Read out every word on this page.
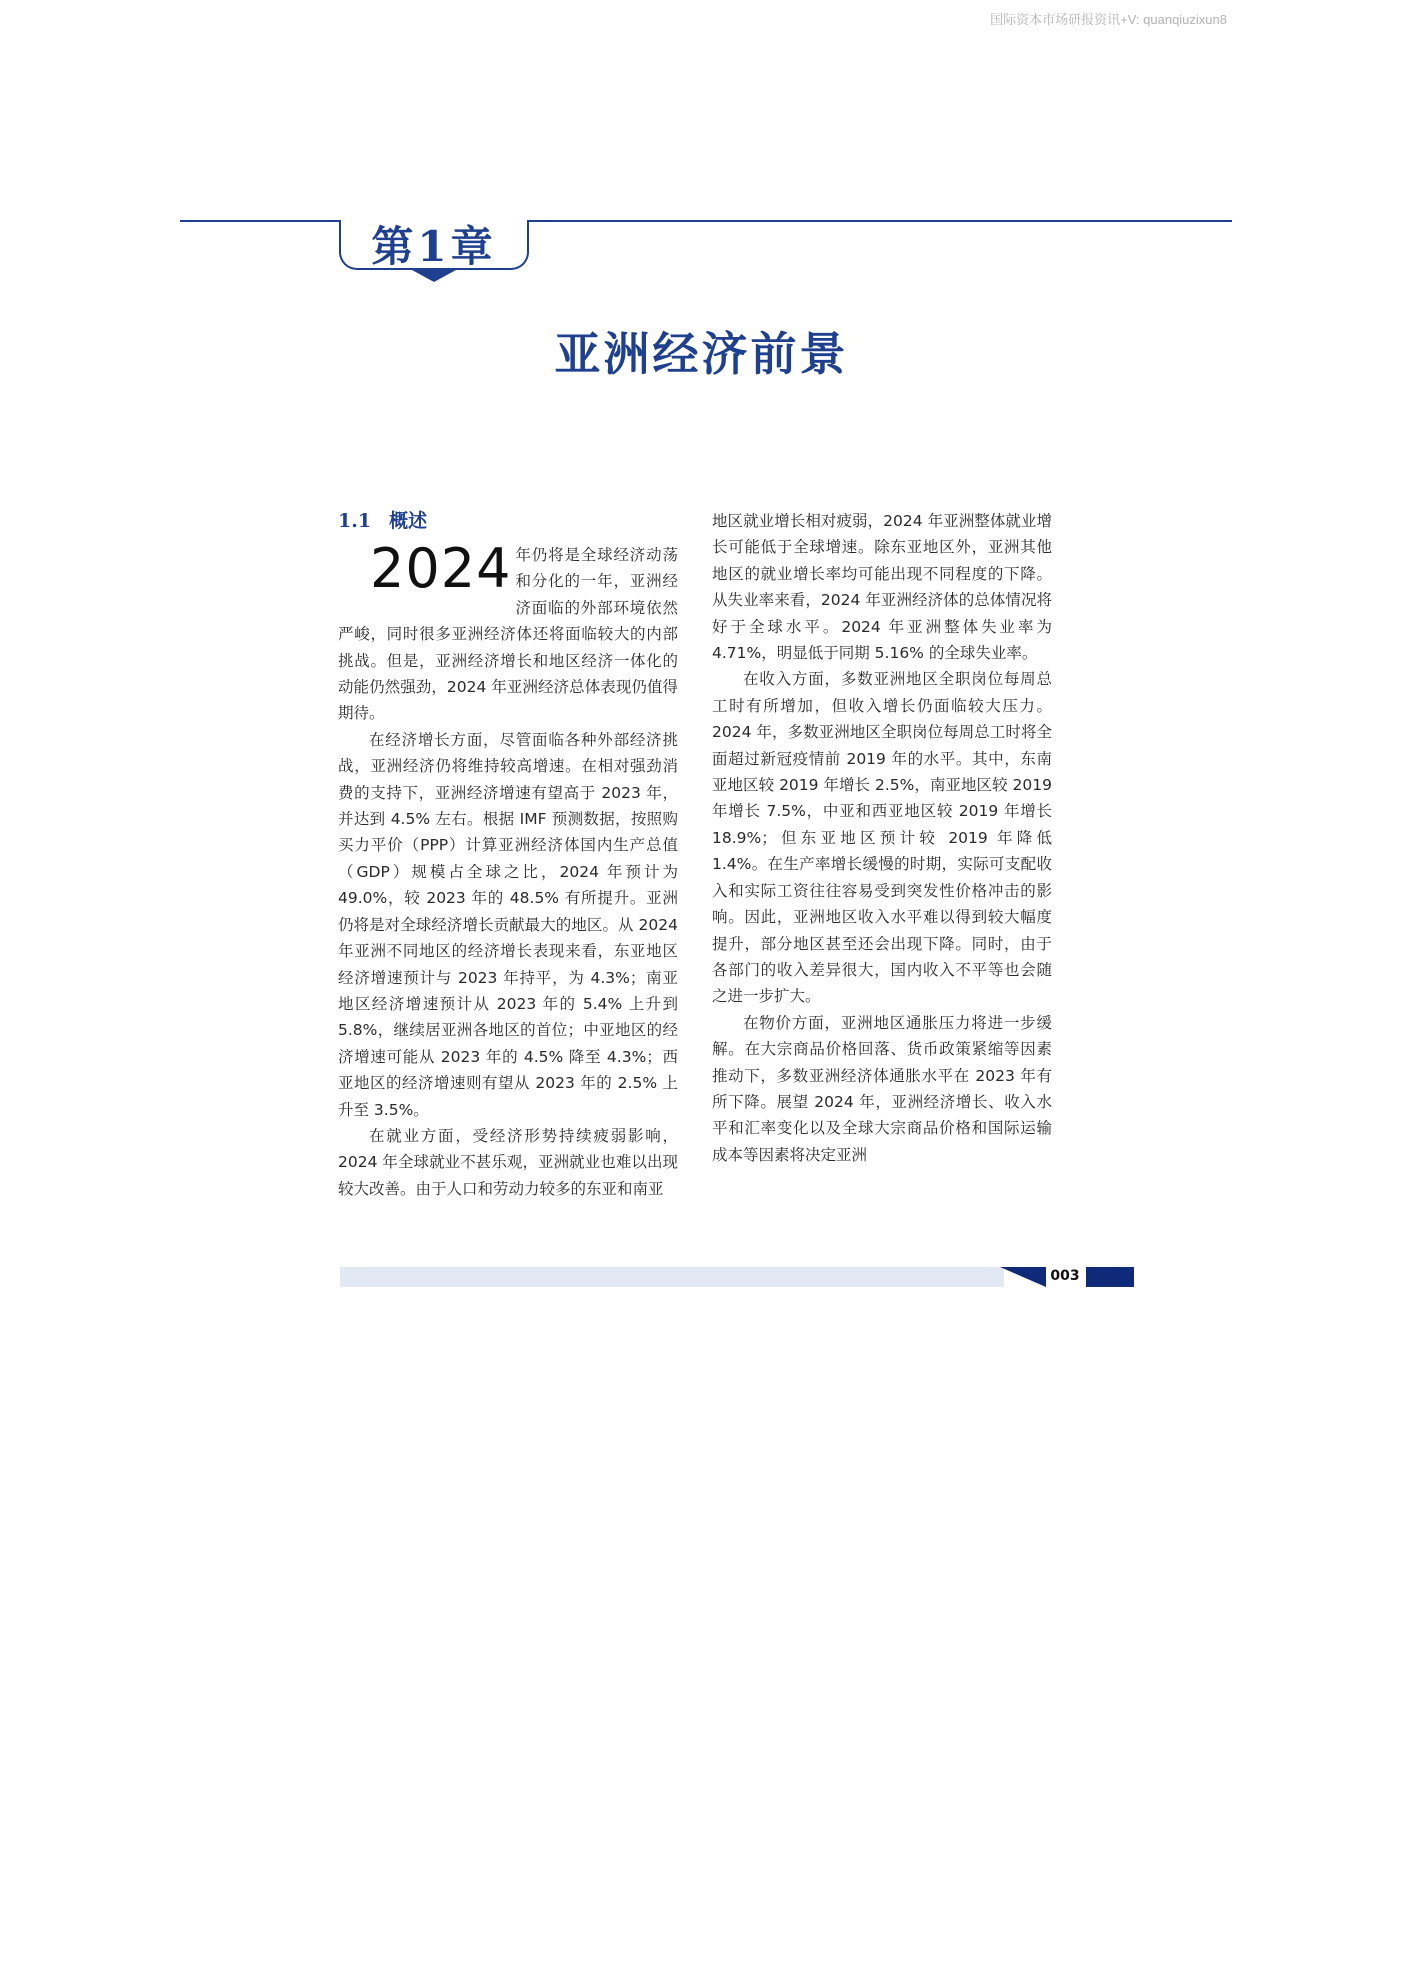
国际资本市场研报资讯+V: quanqiuzixun8
第1章
亚洲经济前景
1.1 概述

2024 年仍将是全球经济动荡和分化的一年，亚洲经济面临的外部环境依然严峻，同时很多亚洲经济体还将面临较大的内部挑战。但是，亚洲经济增长和地区经济一体化的动能仍然强劲，2024 年亚洲经济总体表现仍值得期待。

在经济增长方面，尽管面临各种外部经济挑战，亚洲经济仍将维持较高增速。在相对强劲消费的支持下，亚洲经济增速有望高于 2023 年，并达到 4.5% 左右。根据 IMF 预测数据，按照购买力平价（PPP）计算亚洲经济体国内生产总值（GDP）规模占全球之比，2024 年预计为 49.0%，较 2023 年的 48.5% 有所提升。亚洲仍将是对全球经济增长贡献最大的地区。从 2024 年亚洲不同地区的经济增长表现来看，东亚地区经济增速预计与 2023 年持平，为 4.3%；南亚地区经济增速预计从 2023 年的 5.4% 上升到 5.8%，继续居亚洲各地区的首位；中亚地区的经济增速可能从 2023 年的 4.5% 降至 4.3%；西亚地区的经济增速则有望从 2023 年的 2.5% 上升至 3.5%。

在就业方面，受经济形势持续疲弱影响，2024 年全球就业不甚乐观，亚洲就业也难以出现较大改善。由于人口和劳动力较多的东亚和南亚

地区就业增长相对疲弱，2024 年亚洲整体就业增长可能低于全球增速。除东亚地区外，亚洲其他地区的就业增长率均可能出现不同程度的下降。从失业率来看，2024 年亚洲经济体的总体情况将好于全球水平。2024 年亚洲整体失业率为 4.71%，明显低于同期 5.16% 的全球失业率。

在收入方面，多数亚洲地区全职岗位每周总工时有所增加，但收入增长仍面临较大压力。2024 年，多数亚洲地区全职岗位每周总工时将全面超过新冠疫情前 2019 年的水平。其中，东南亚地区较 2019 年增长 2.5%，南亚地区较 2019 年增长 7.5%，中亚和西亚地区较 2019 年增长 18.9%；但东亚地区预计较 2019 年降低 1.4%。在生产率增长缓慢的时期，实际可支配收入和实际工资往往容易受到突发性价格冲击的影响。因此，亚洲地区收入水平难以得到较大幅度提升，部分地区甚至还会出现下降。同时，由于各部门的收入差异很大，国内收入不平等也会随之进一步扩大。

在物价方面，亚洲地区通胀压力将进一步缓解。在大宗商品价格回落、货币政策紧缩等因素推动下，多数亚洲经济体通胀水平在 2023 年有所下降。展望 2024 年，亚洲经济增长、收入水平和汇率变化以及全球大宗商品价格和国际运输成本等因素将决定亚洲

003
